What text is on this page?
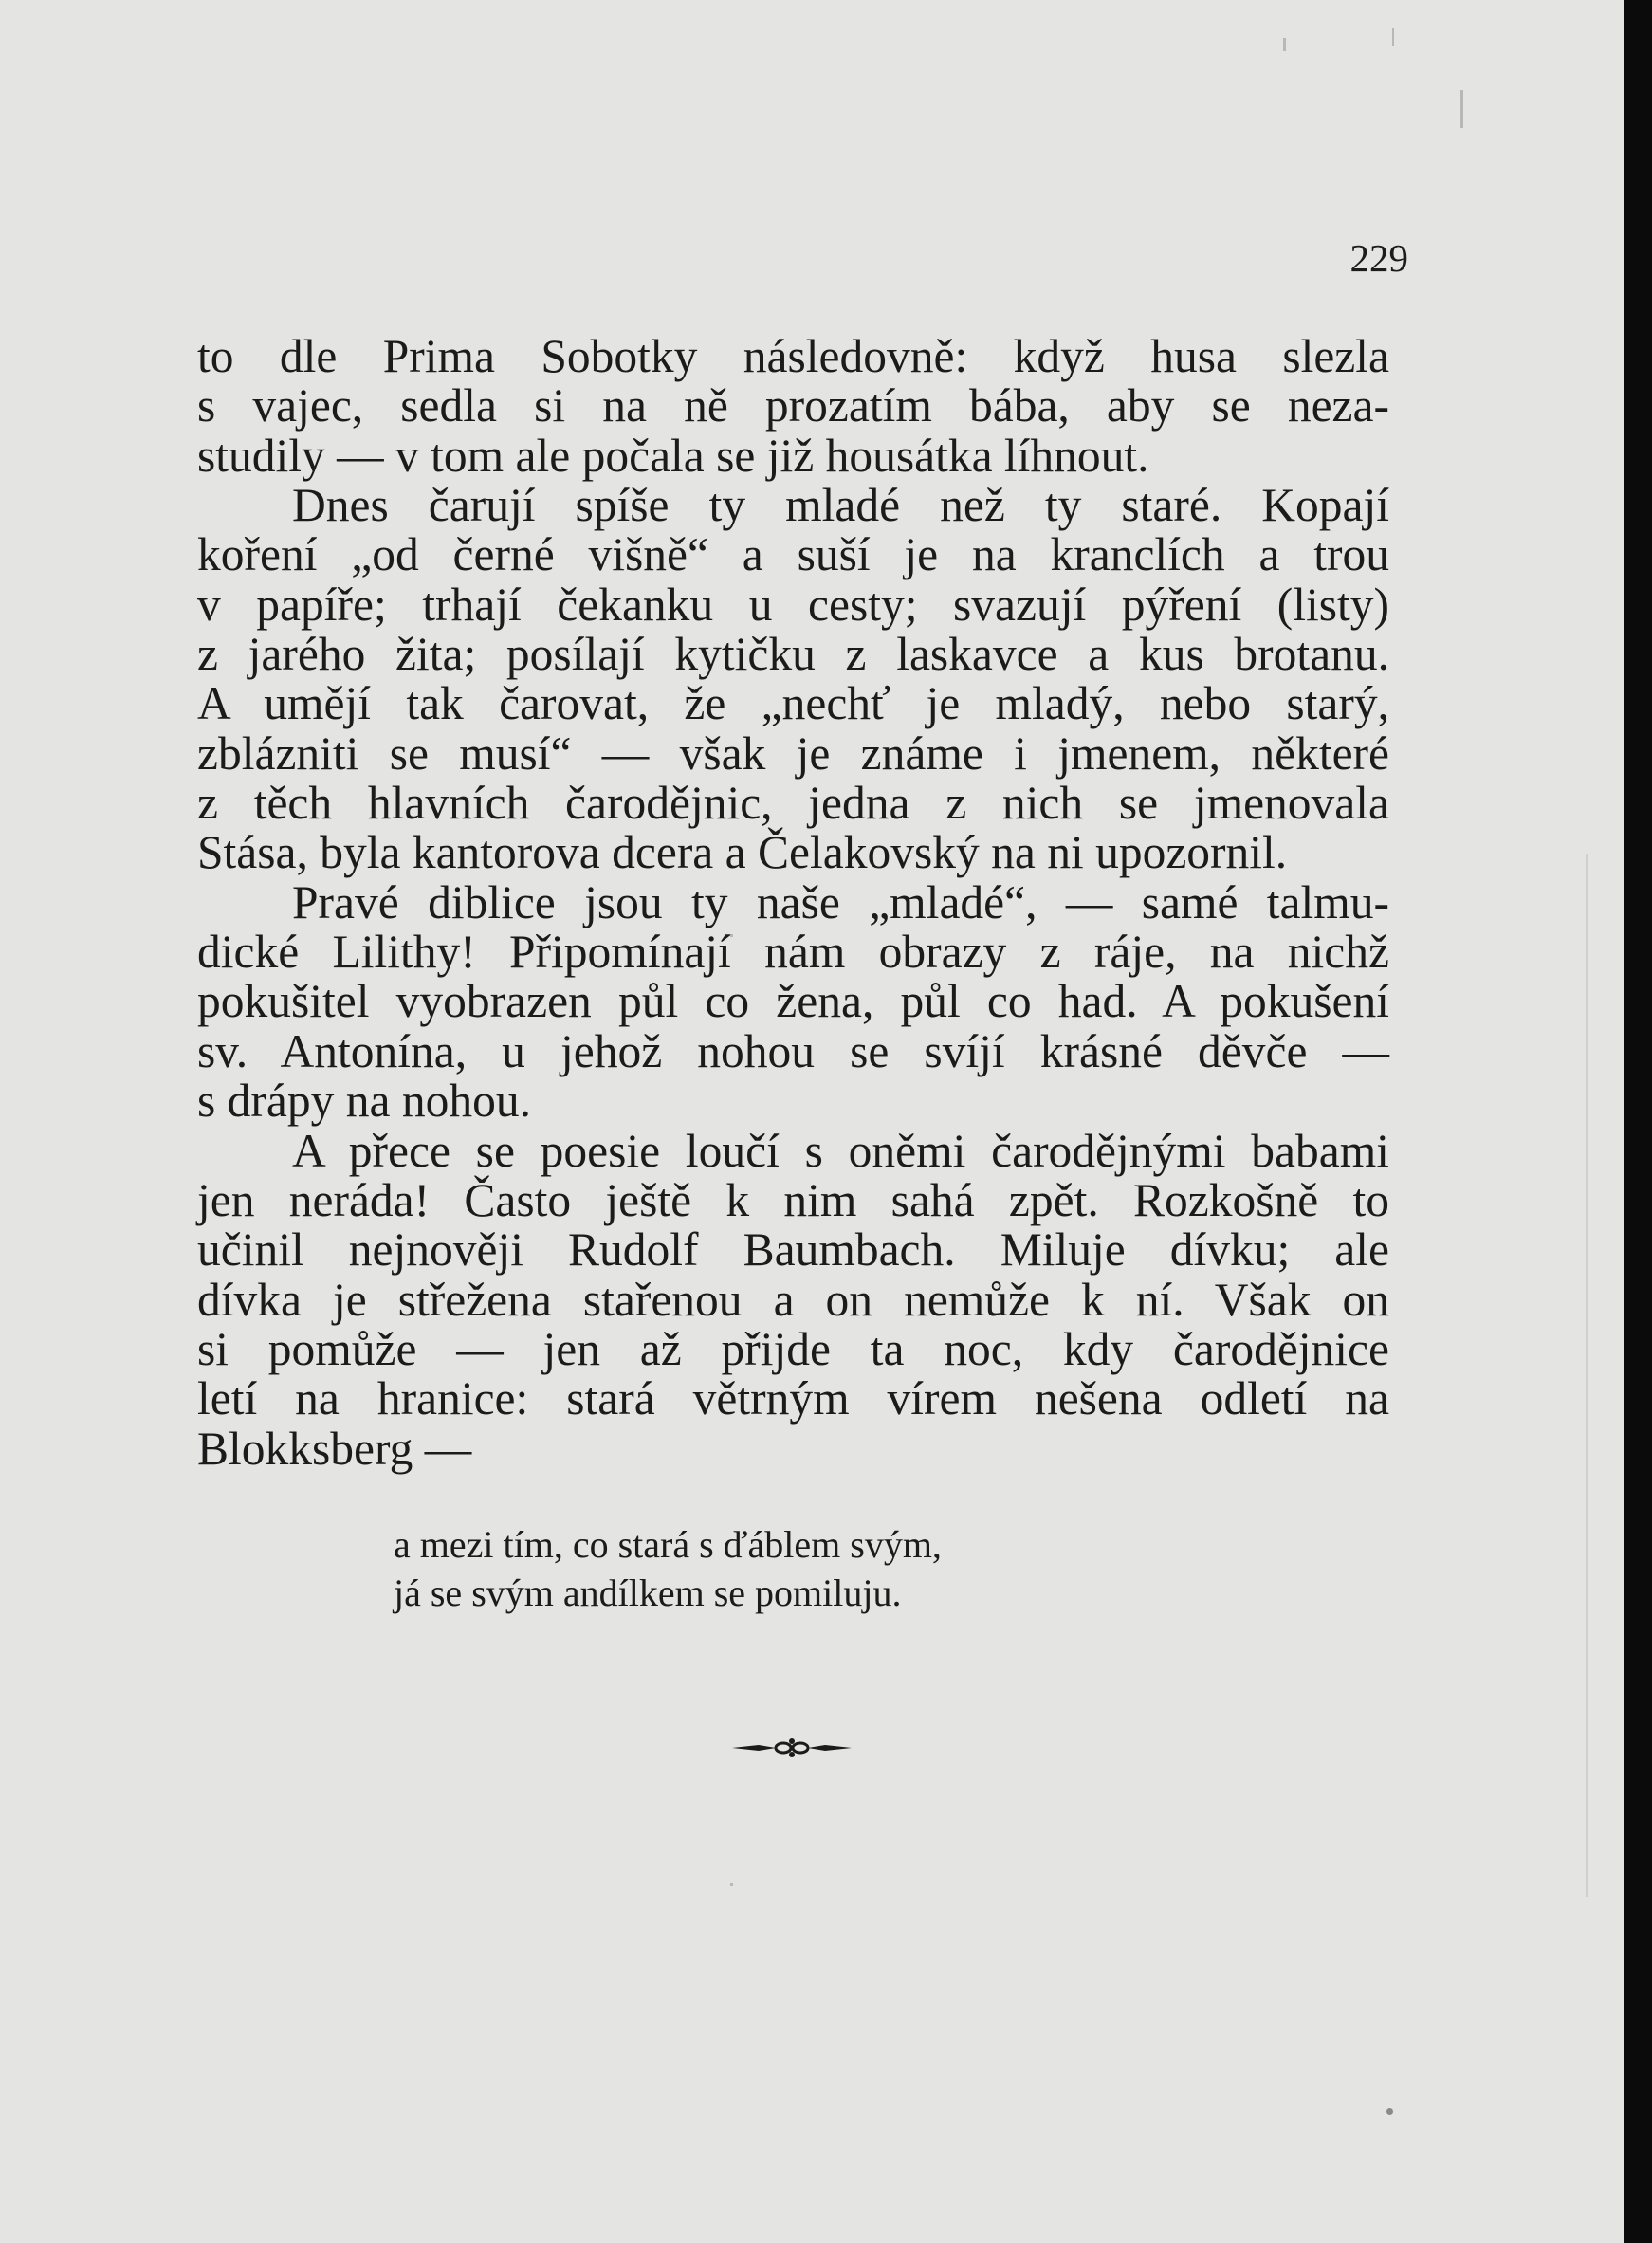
229
to dle Prima Sobotky následovně: když husa slezla
s vajec, sedla si na ně prozatím bába, aby se neza-
studily — v tom ale počala se již housátka líhnout.
Dnes čarují spíše ty mladé než ty staré. Kopají
koření „od černé višně“ a suší je na kranclích a trou
v papíře; trhají čekanku u cesty; svazují pýření (listy)
z jarého žita; posílají kytičku z laskavce a kus brotanu.
A umějí tak čarovat, že „nechť je mladý, nebo starý,
zblázniti se musí“ — však je známe i jmenem, některé
z těch hlavních čarodějnic, jedna z nich se jmenovala
Stása, byla kantorova dcera a Čelakovský na ni upozornil.
Pravé diblice jsou ty naše „mladé“, — samé talmu-
dické Lilithy! Připomínají nám obrazy z ráje, na nichž
pokušitel vyobrazen půl co žena, půl co had. A pokušení
sv. Antonína, u jehož nohou se svíjí krásné děvče —
s drápy na nohou.
A přece se poesie loučí s oněmi čarodějnými babami
jen neráda! Často ještě k nim sahá zpět. Rozkošně to
učinil nejnověji Rudolf Baumbach. Miluje dívku; ale
dívka je střežena stařenou a on nemůže k ní. Však on
si pomůže — jen až přijde ta noc, kdy čarodějnice
letí na hranice: stará větrným vírem nešena odletí na
Blokksberg —
a mezi tím, co stará s ďáblem svým,
já se svým andílkem se pomiluju.
